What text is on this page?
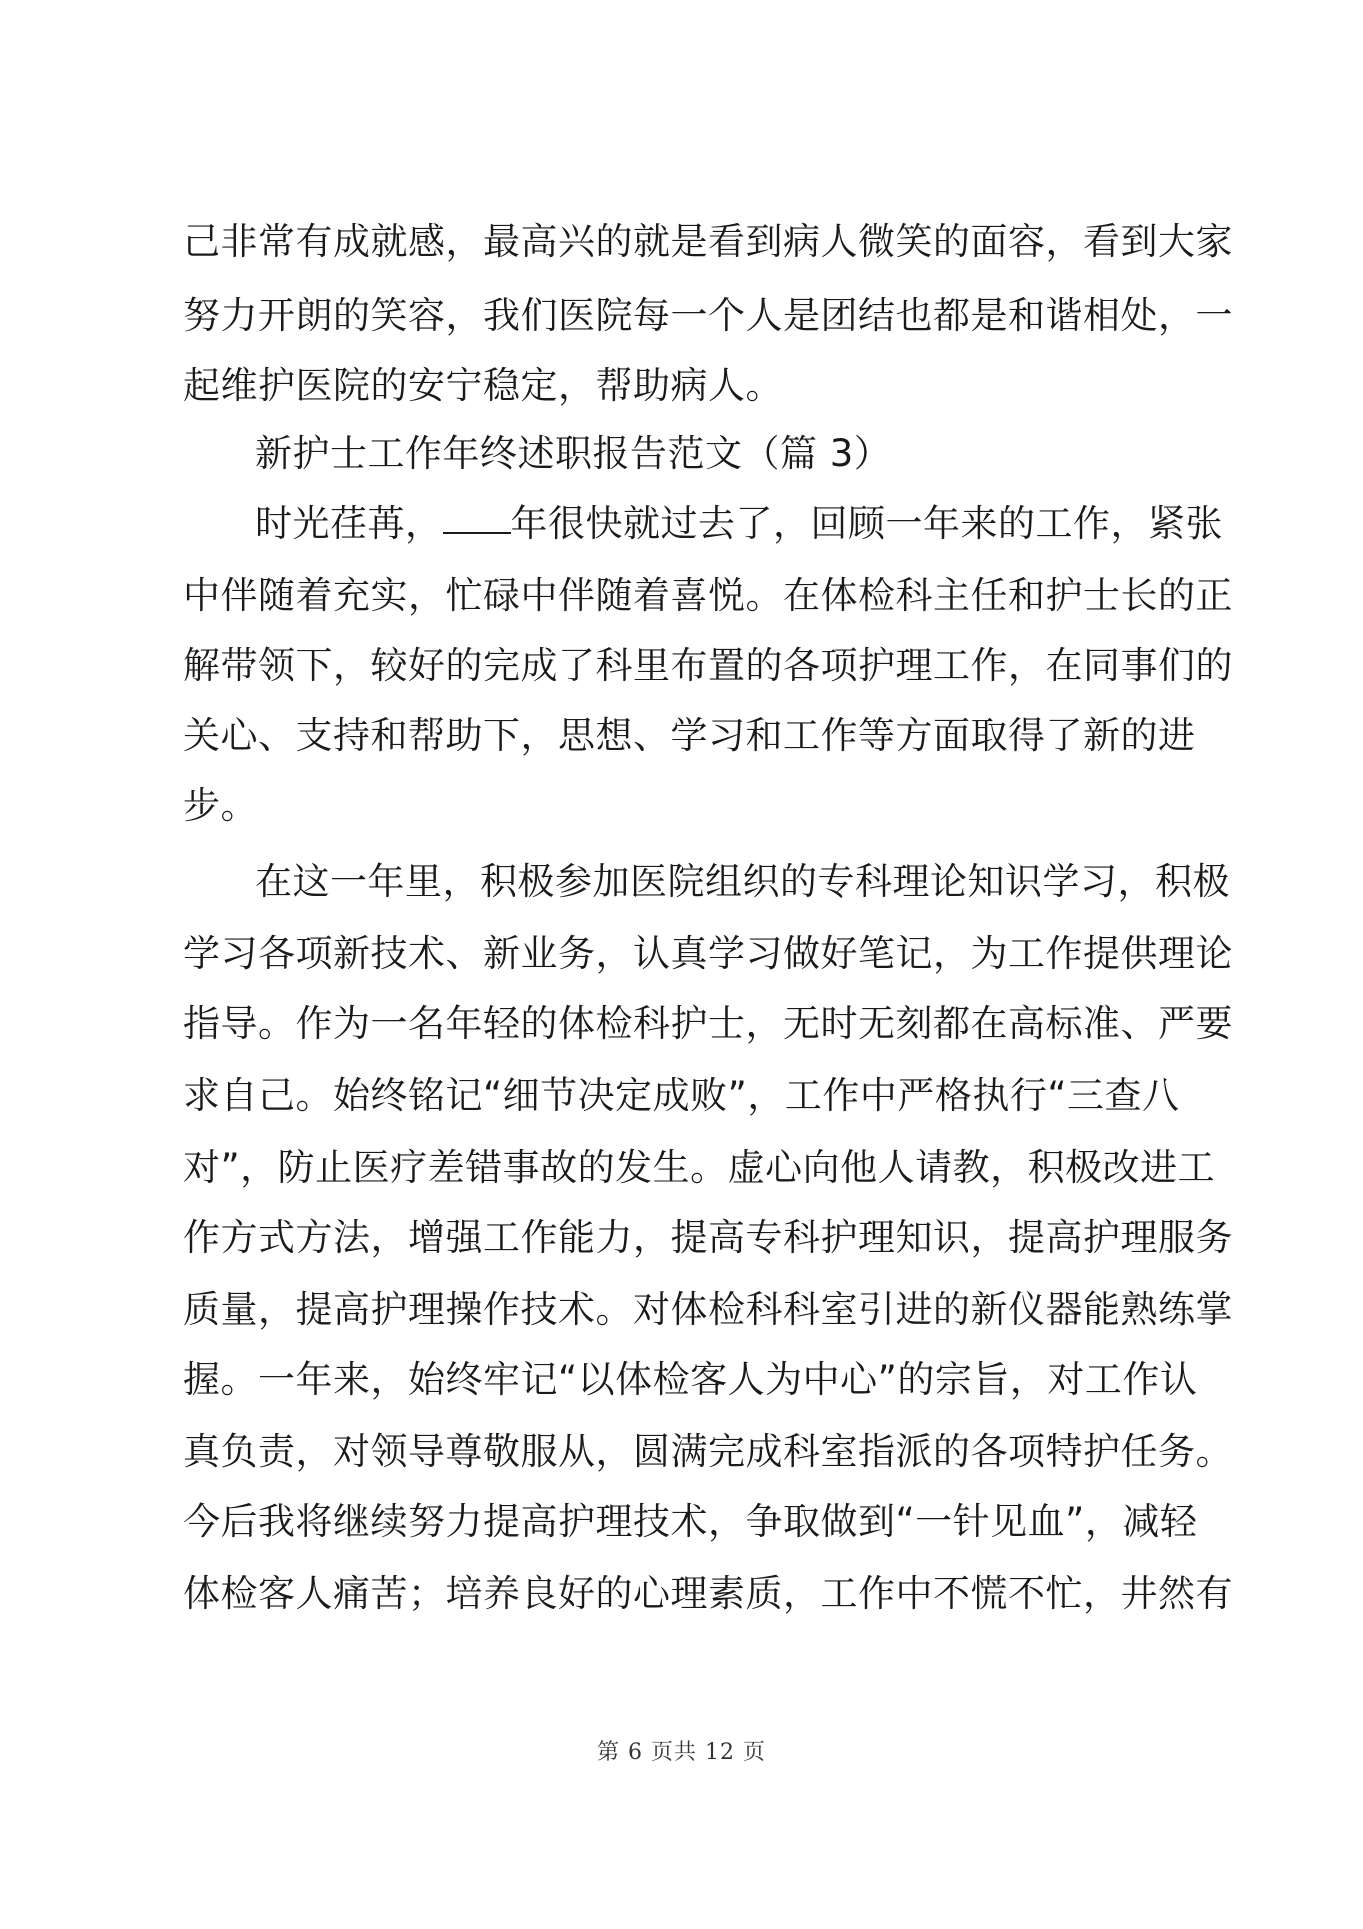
己非常有成就感，最高兴的就是看到病人微笑的面容，看到大家
努力开朗的笑容，我们医院每一个人是团结也都是和谐相处，一
起维护医院的安宁稳定，帮助病人。
新护士工作年终述职报告范文（篇 3）
时光荏苒， 年很快就过去了，回顾一年来的工作，紧张
中伴随着充实，忙碌中伴随着喜悦。在体检科主任和护士长的正
解带领下，较好的完成了科里布置的各项护理工作，在同事们的
关心、支持和帮助下，思想、学习和工作等方面取得了新的进
步。
在这一年里，积极参加医院组织的专科理论知识学习，积极
学习各项新技术、新业务，认真学习做好笔记，为工作提供理论
指导。作为一名年轻的体检科护士，无时无刻都在高标准、严要
求自己。始终铭记“细节决定成败”，工作中严格执行“三查八
对”，防止医疗差错事故的发生。虚心向他人请教，积极改进工
作方式方法，增强工作能力，提高专科护理知识，提高护理服务
质量，提高护理操作技术。对体检科科室引进的新仪器能熟练掌
握。一年来，始终牢记“以体检客人为中心”的宗旨，对工作认
真负责，对领导尊敬服从，圆满完成科室指派的各项特护任务。
今后我将继续努力提高护理技术，争取做到“一针见血”，减轻
体检客人痛苦；培养良好的心理素质，工作中不慌不忙，井然有
第 6 页共 12 页
